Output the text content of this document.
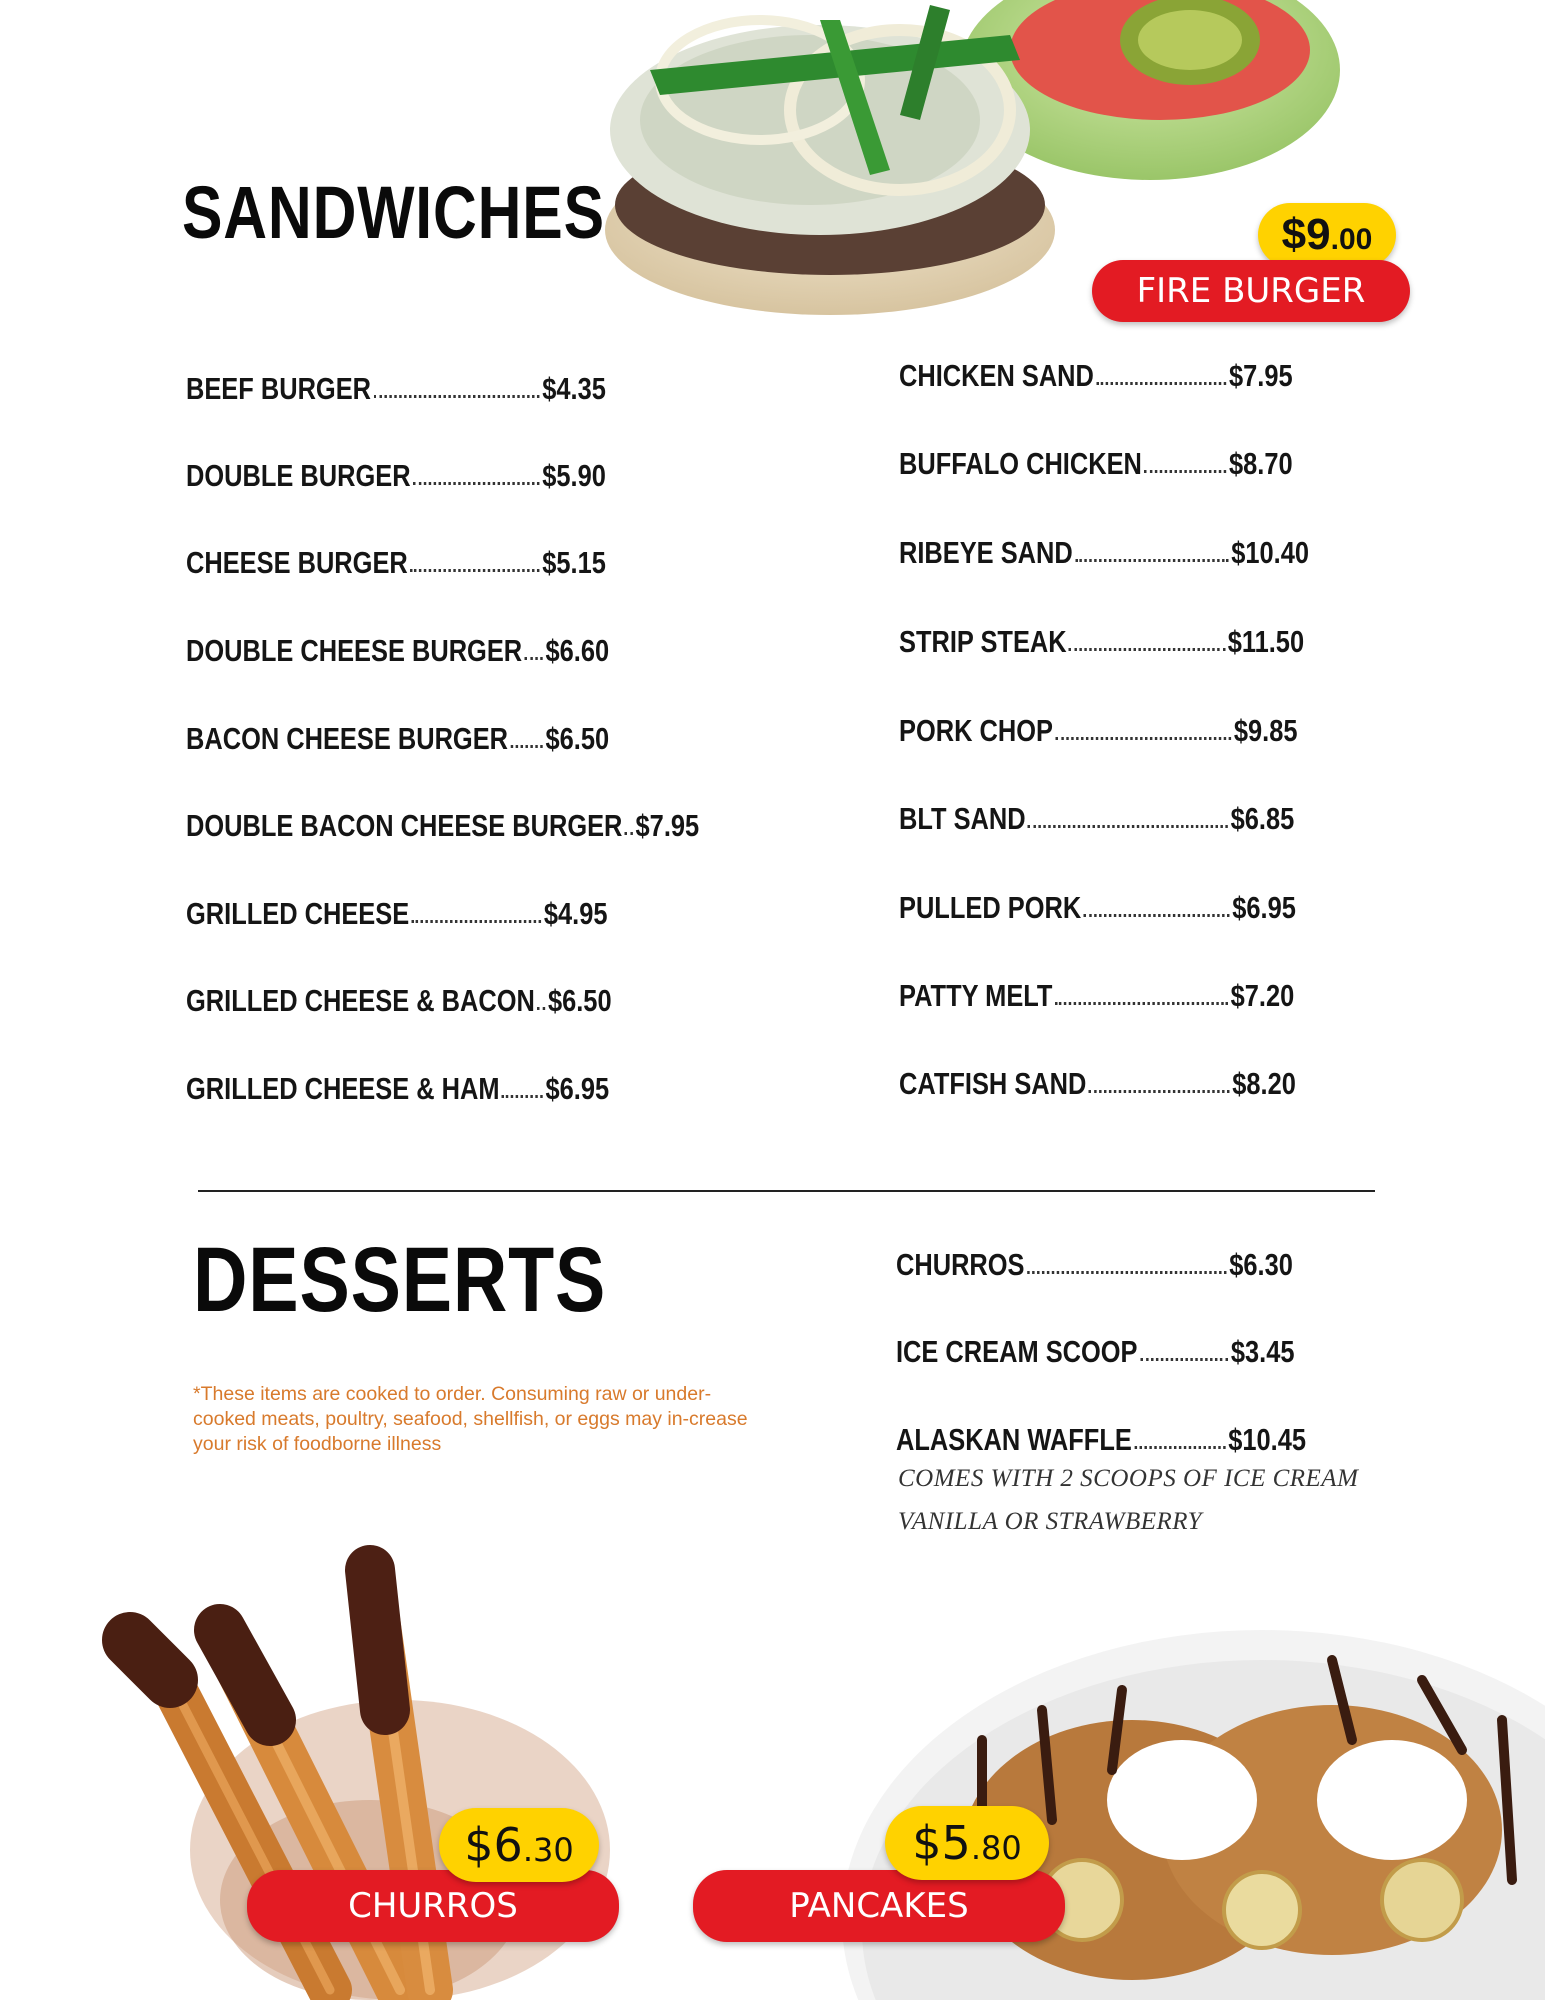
SANDWICHES	$9.00
FIRE BURGER
BEEF BURGER	$4.35
DOUBLE BURGER	$5.90
CHEESE BURGER	$5.15
DOUBLE CHEESE BURGER $6.60
BACON CHEESE BURGER $6.50
DOUBLE BACON CHEESE BURGER $7.95
GRILLED CHEESE	$4.95
GRILLED CHEESE & BACON $6.50
GRILLED CHEESE & HAM $6.95
CHICKEN SAND	$7.95
BUFFALO CHICKEN	$8.70
RIBEYE SAND	$10.40
STRIP STEAK	$11.50
PORK CHOP	$9.85
BLT SAND	$6.85
PULLED PORK	$6.95
PATTY MELT	$7.20
CATFISH SAND	$8.20
DESSERTS
*These items are cooked to order. Consuming raw or under-cooked meats, poultry, seafood, shellfish, or eggs may in-crease your risk of foodborne illness
CHURROS	$6.30
ICE CREAM SCOOP	$3.45
ALASKAN WAFFLE	$10.45
COMES WITH 2 SCOOPS OF ICE CREAM
VANILLA OR STRAWBERRY
CHURROS
$6.30
PANCAKES
$5.80
